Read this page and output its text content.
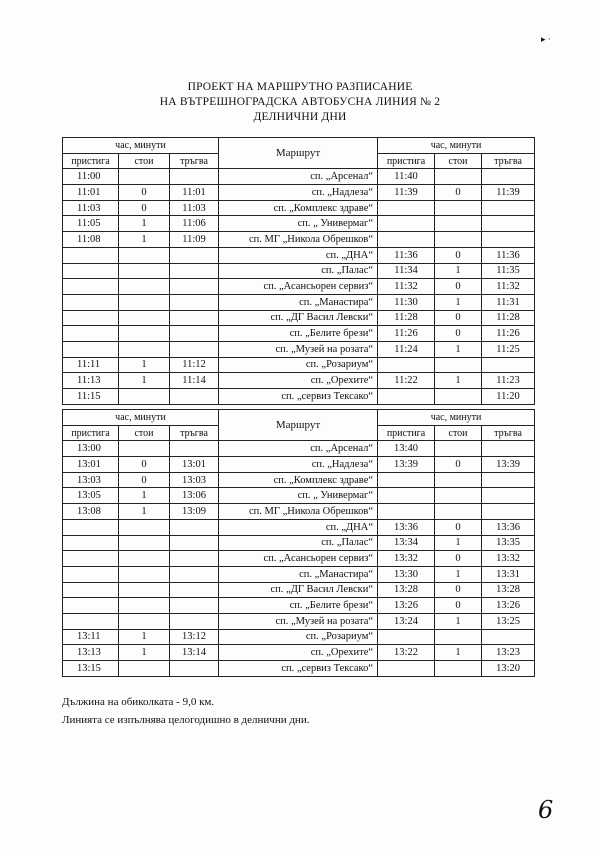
▸ ·
ПРОЕКТ НА МАРШРУТНО РАЗПИСАНИЕ
НА ВЪТРЕШНОГРАДСКА АВТОБУСНА ЛИНИЯ № 2
ДЕЛНИЧНИ ДНИ
час, минути			Маршрут	час, минути		
пристига	стои	тръгва		пристига	стои	тръгва
11:00			сп. „Арсенал“	11:40		
11:01	0	11:01	сп. „Надлеза“	11:39	0	11:39
11:03	0	11:03	сп. „Комплекс здраве“			
11:05	1	11:06	сп. „ Универмаг“			
11:08	1	11:09	сп. МГ „Никола Обрешков“			
			сп. „ДНА“	11:36	0	11:36
			сп. „Палас“	11:34	1	11:35
			сп. „Асансьорен сервиз“	11:32	0	11:32
			сп. „Манастира“	11:30	1	11:31
			сп. „ДГ Васил Левски“	11:28	0	11:28
			сп. „Белите брези“	11:26	0	11:26
			сп. „Музей на розата“	11:24	1	11:25
11:11	1	11:12	сп. „Розариум“			
11:13	1	11:14	сп. „Орехите“	11:22	1	11:23
11:15			сп. „сервиз Тексако“			11:20
час, минути			Маршрут	час, минути		
пристига	стои	тръгва		пристига	стои	тръгва
13:00			сп. „Арсенал“	13:40		
13:01	0	13:01	сп. „Надлеза“	13:39	0	13:39
13:03	0	13:03	сп. „Комплекс здраве“			
13:05	1	13:06	сп. „ Универмаг“			
13:08	1	13:09	сп. МГ „Никола Обрешков“			
			сп. „ДНА“	13:36	0	13:36
			сп. „Палас“	13:34	1	13:35
			сп. „Асансьорен сервиз“	13:32	0	13:32
			сп. „Манастира“	13:30	1	13:31
			сп. „ДГ Васил Левски“	13:28	0	13:28
			сп. „Белите брези“	13:26	0	13:26
			сп. „Музей на розата“	13:24	1	13:25
13:11	1	13:12	сп. „Розариум“			
13:13	1	13:14	сп. „Орехите“	13:22	1	13:23
13:15			сп. „сервиз Тексако“			13:20
Дължина на обиколката - 9,0 км.
Линията се изпълнява целогодишно в делнични дни.
6
